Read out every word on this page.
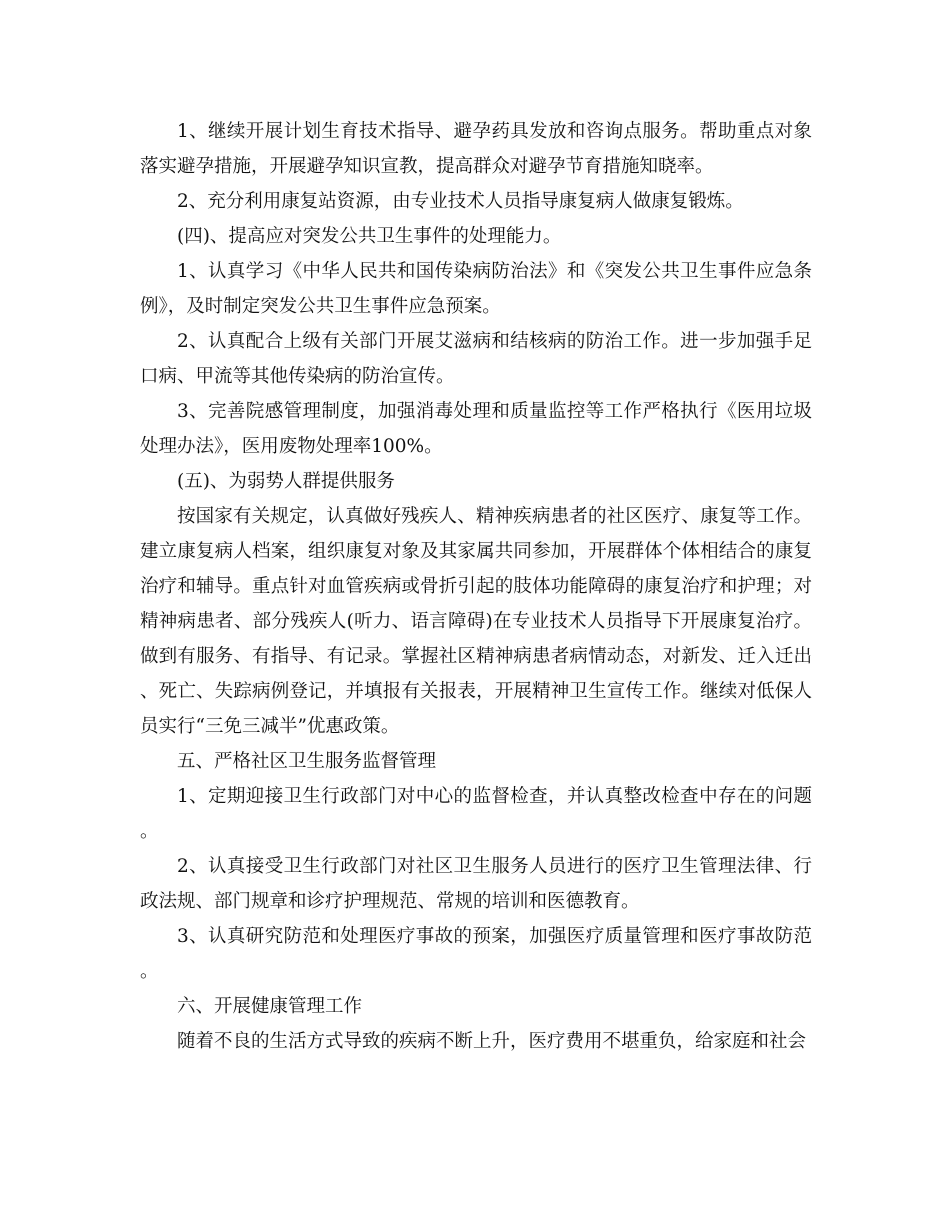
1、继续开展计划生育技术指导、避孕药具发放和咨询点服务。帮助重点对象落实避孕措施，开展避孕知识宣教，提高群众对避孕节育措施知晓率。

2、充分利用康复站资源，由专业技术人员指导康复病人做康复锻炼。

(四)、提高应对突发公共卫生事件的处理能力。

1、认真学习《中华人民共和国传染病防治法》和《突发公共卫生事件应急条例》，及时制定突发公共卫生事件应急预案。

2、认真配合上级有关部门开展艾滋病和结核病的防治工作。进一步加强手足口病、甲流等其他传染病的防治宣传。

3、完善院感管理制度，加强消毒处理和质量监控等工作严格执行《医用垃圾处理办法》，医用废物处理率100%。

(五)、为弱势人群提供服务

按国家有关规定，认真做好残疾人、精神疾病患者的社区医疗、康复等工作。建立康复病人档案，组织康复对象及其家属共同参加，开展群体个体相结合的康复治疗和辅导。重点针对血管疾病或骨折引起的肢体功能障碍的康复治疗和护理；对精神病患者、部分残疾人(听力、语言障碍)在专业技术人员指导下开展康复治疗。做到有服务、有指导、有记录。掌握社区精神病患者病情动态，对新发、迁入迁出、死亡、失踪病例登记，并填报有关报表，开展精神卫生宣传工作。继续对低保人员实行“三免三减半”优惠政策。

五、严格社区卫生服务监督管理

1、定期迎接卫生行政部门对中心的监督检查，并认真整改检查中存在的问题。

2、认真接受卫生行政部门对社区卫生服务人员进行的医疗卫生管理法律、行政法规、部门规章和诊疗护理规范、常规的培训和医德教育。

3、认真研究防范和处理医疗事故的预案，加强医疗质量管理和医疗事故防范。

六、开展健康管理工作

随着不良的生活方式导致的疾病不断上升，医疗费用不堪重负，给家庭和社会
